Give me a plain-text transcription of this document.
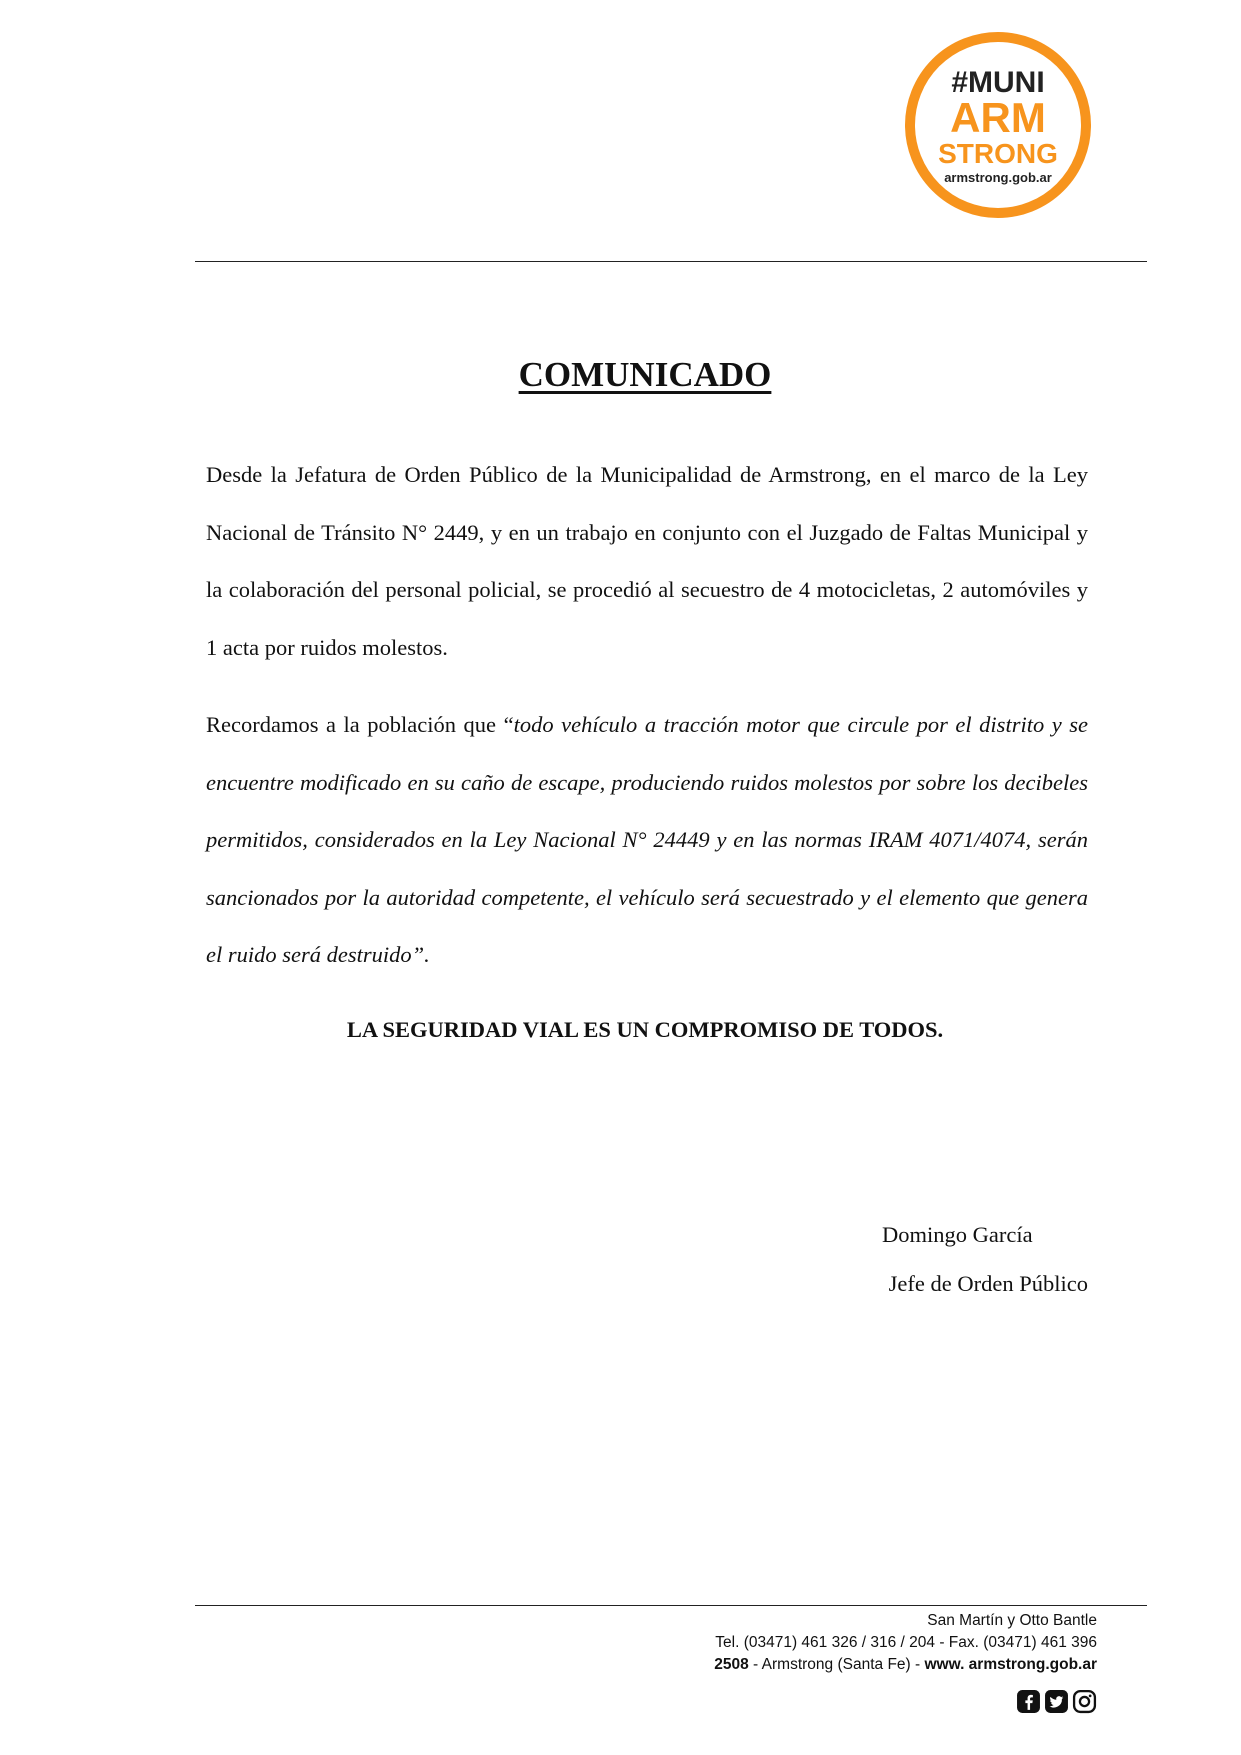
#MUNI
ARM
STRONG
armstrong.gob.ar
COMUNICADO

Desde la Jefatura de Orden Público de la Municipalidad de Armstrong, en el marco de la Ley Nacional de Tránsito N° 2449, y en un trabajo en conjunto con el Juzgado de Faltas Municipal y la colaboración del personal policial, se procedió al secuestro de 4 motocicletas, 2 automóviles y 1 acta por ruidos molestos.

Recordamos a la población que “todo vehículo a tracción motor que circule por el distrito y se encuentre modificado en su caño de escape, produciendo ruidos molestos por sobre los decibeles permitidos, considerados en la Ley Nacional N° 24449 y en las normas IRAM 4071/4074, serán sancionados por la autoridad competente, el vehículo será secuestrado y el elemento que genera el ruido será destruido”.

LA SEGURIDAD VIAL ES UN COMPROMISO DE TODOS.

Domingo García
Jefe de Orden Público
San Martín y Otto Bantle
Tel. (03471) 461 326 / 316 / 204 - Fax. (03471) 461 396
2508 - Armstrong (Santa Fe) - www. armstrong.gob.ar
